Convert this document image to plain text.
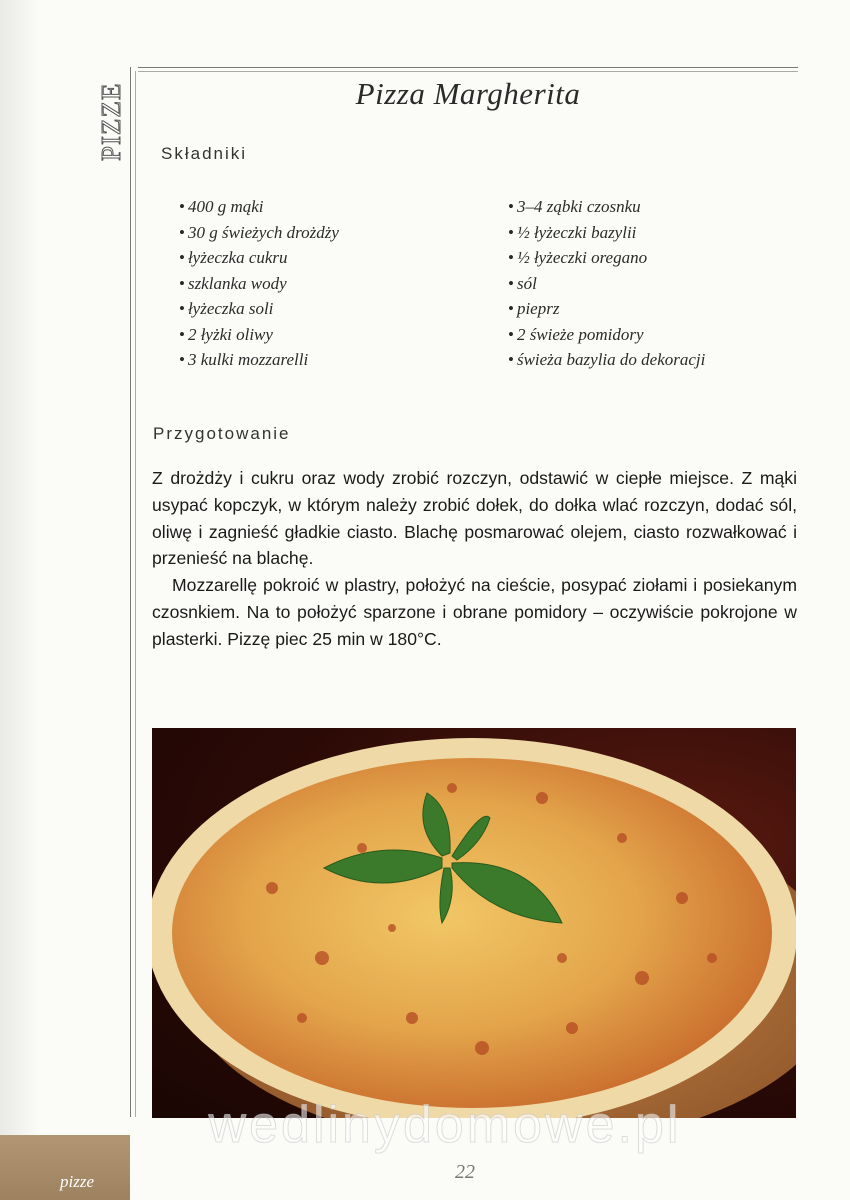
PIZZE	Pizza Margherita
Składniki
• 400 g mąki
• 30 g świeżych drożdży
• łyżeczka cukru
• szklanka wody
• łyżeczka soli
• 2 łyżki oliwy
• 3 kulki mozzarelli
• 3–4 ząbki czosnku
• ½ łyżeczki bazylii
• ½ łyżeczki oregano
• sól
• pieprz
• 2 świeże pomidory
• świeża bazylia do dekoracji
Przygotowanie

Z drożdży i cukru oraz wody zrobić rozczyn, odstawić w ciepłe miejsce. Z mąki usypać kopczyk, w którym należy zrobić dołek, do dołka wlać rozczyn, dodać sól, oliwę i zagnieść gładkie ciasto. Blachę posmarować olejem, ciasto rozwałkować i przenieść na blachę.

Mozzarellę pokroić w plastry, położyć na cieście, posypać ziołami i posiekanym czosnkiem. Na to położyć sparzone i obrane pomidory – oczywiście pokrojone w plasterki. Pizzę piec 25 min w 180°C.

wedlinydomowe.pl
pizze	22
